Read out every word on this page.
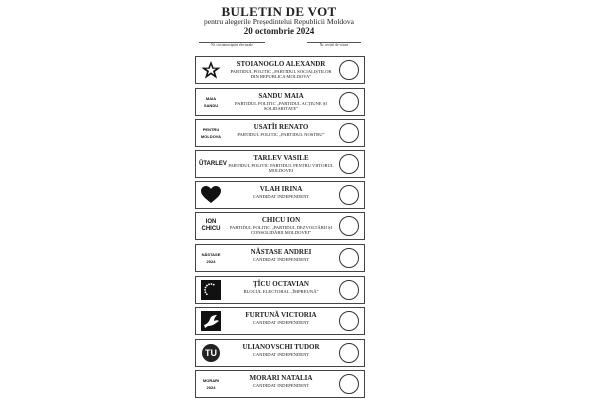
BULETIN DE VOT
pentru alegerile Președintelui Republicii Moldova
20 octombrie 2024
Nr. circumscripției electorale	Nr. secției de votare
STOIANOGLO ALEXANDR
PARTIDUL POLITIC „PARTIDUL SOCIALIȘTILOR DIN REPUBLICA MOLDOVA”
MAIA SANDU
SANDU MAIA
PARTIDUL POLITIC „PARTIDUL ACȚIUNE ȘI SOLIDARITATE”
PENTRU MOLDOVA
USATÎI RENATO
PARTIDUL POLITIC „PARTIDUL NOSTRU”
ŪTARLEV
TARLEV VASILE
PARTIDUL POLITIC PARTIDUL PENTRU VIITORUL MOLDOVEI
VLAH IRINA
CANDIDAT INDEPENDENT
ION CHICU
CHICU ION
PARTIDUL POLITIC „PARTIDUL DEZVOLTĂRII ȘI CONSOLIDĂRII MOLDOVEI”
NĂSTASE 2024
NĂSTASE ANDREI
CANDIDAT INDEPENDENT
ȚÎCU OCTAVIAN
BLOCUL ELECTORAL „ÎMPREUNĂ”
FURTUNĂ VICTORIA
CANDIDAT INDEPENDENT
TU
ULIANOVSCHI TUDOR
CANDIDAT INDEPENDENT
MORARI 2024
MORARI NATALIA
CANDIDAT INDEPENDENT
